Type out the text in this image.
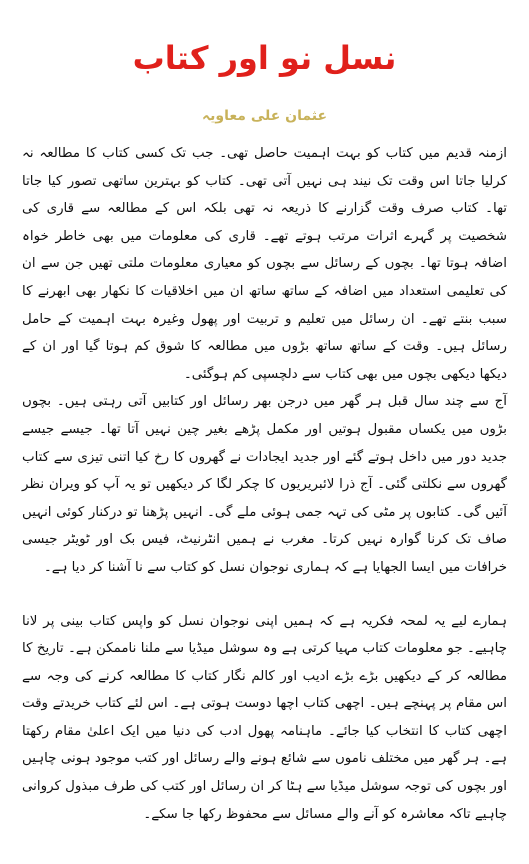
نسل نو اور کتاب
عثمان علی معاویہ

ازمنہ قدیم میں کتاب کو بہت اہمیت حاصل تھی۔ جب تک کسی کتاب کا مطالعہ نہ کرلیا جاتا اس وقت تک نیند ہی نہیں آتی تھی۔ کتاب کو بہترین ساتھی تصور کیا جاتا تھا۔ کتاب صرف وقت گزارنے کا ذریعہ نہ تھی بلکہ اس کے مطالعہ سے قاری کی شخصیت پر گہرے اثرات مرتب ہوتے تھے۔ قاری کی معلومات میں بھی خاطر خواہ اضافہ ہوتا تھا۔ بچوں کے رسائل سے بچوں کو معیاری معلومات ملتی تھیں جن سے ان کی تعلیمی استعداد میں اضافہ کے ساتھ ساتھ ان میں اخلاقیات کا نکھار بھی ابھرنے کا سبب بنتے تھے۔ ان رسائل میں تعلیم و تربیت اور پھول وغیرہ بہت اہمیت کے حامل رسائل ہیں۔ وقت کے ساتھ ساتھ بڑوں میں مطالعہ کا شوق کم ہوتا گیا اور ان کے دیکھا دیکھی بچوں میں بھی کتاب سے دلچسپی کم ہوگئی۔

آج سے چند سال قبل ہر گھر میں درجن بھر رسائل اور کتابیں آتی رہتی ہیں۔ بچوں بڑوں میں یکساں مقبول ہوتیں اور مکمل پڑھے بغیر چین نہیں آتا تھا۔ جیسے جیسے جدید دور میں داخل ہوتے گئے اور جدید ایجادات نے گھروں کا رخ کیا اتنی تیزی سے کتاب گھروں سے نکلتی گئی۔ آج ذرا لائبریریوں کا چکر لگا کر دیکھیں تو یہ آپ کو ویران نظر آئیں گی۔ کتابوں پر مٹی کی تہہ جمی ہوئی ملے گی۔ انہیں پڑھنا تو درکنار کوئی انہیں صاف تک کرنا گوارہ نہیں کرتا۔ مغرب نے ہمیں انٹرنیٹ، فیس بک اور ٹویٹر جیسی خرافات میں ایسا الجھایا ہے کہ ہماری نوجوان نسل کو کتاب سے نا آشنا کر دیا ہے۔

ہمارے لیے یہ لمحہ فکریہ ہے کہ ہمیں اپنی نوجوان نسل کو واپس کتاب بینی پر لانا چاہیے۔ جو معلومات کتاب مہیا کرتی ہے وہ سوشل میڈیا سے ملنا ناممکن ہے۔ تاریخ کا مطالعہ کر کے دیکھیں بڑے بڑے ادیب اور کالم نگار کتاب کا مطالعہ کرنے کی وجہ سے اس مقام پر پہنچے ہیں۔ اچھی کتاب اچھا دوست ہوتی ہے۔ اس لئے کتاب خریدتے وقت اچھی کتاب کا انتخاب کیا جائے۔ ماہنامہ پھول ادب کی دنیا میں ایک اعلیٰ مقام رکھتا ہے۔ ہر گھر میں مختلف ناموں سے شائع ہونے والے رسائل اور کتب موجود ہونی چاہیں اور بچوں کی توجہ سوشل میڈیا سے ہٹا کر ان رسائل اور کتب کی طرف مبذول کروانی چاہیے تاکہ معاشرہ کو آنے والے مسائل سے محفوظ رکھا جا سکے۔
